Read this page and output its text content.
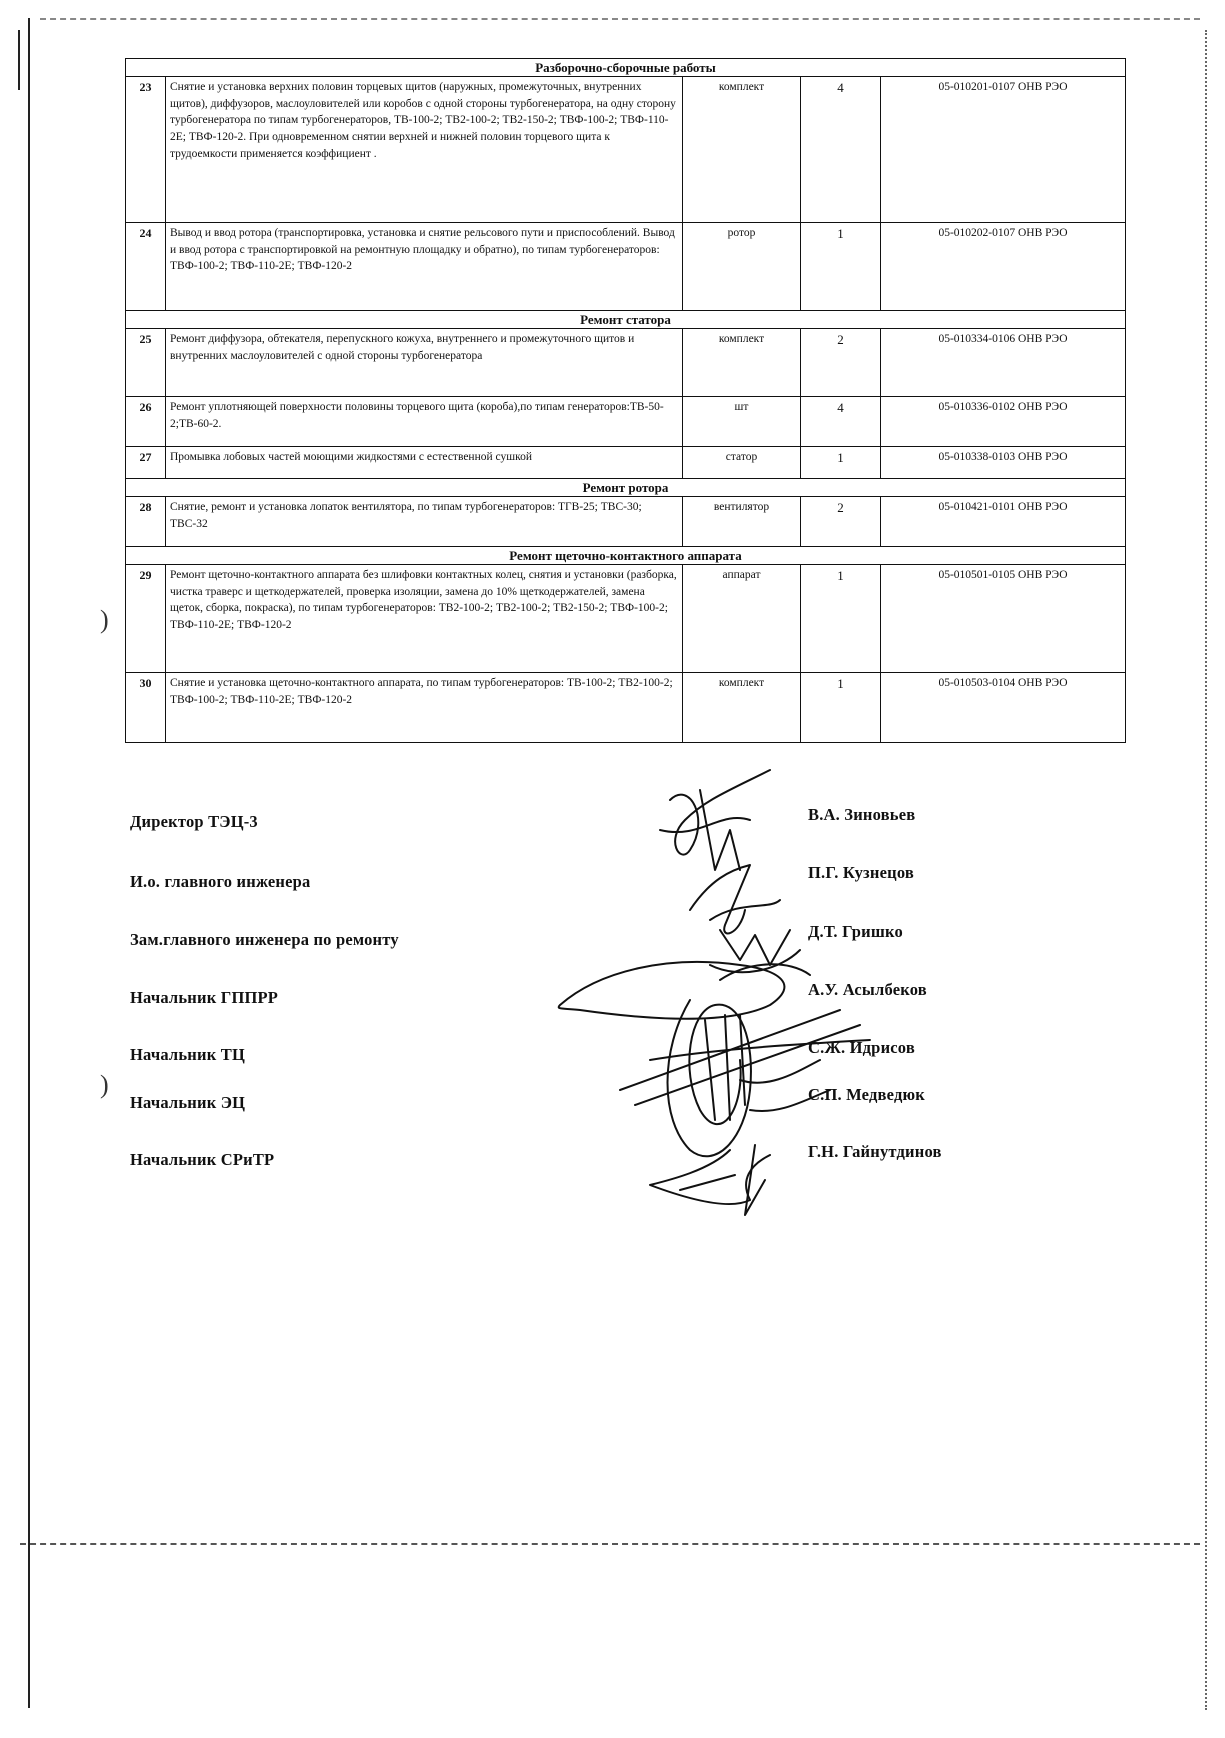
Разборочно-сборочные работы				
23	Снятие и установка верхних половин торцевых щитов (наружных, промежуточных, внутренних щитов), диффузоров, маслоуловителей или коробов с одной стороны турбогенератора, на одну сторону турбогенератора по типам турбогенераторов, ТВ-100-2; ТВ2-100-2; ТВ2-150-2; ТВФ-100-2; ТВФ-110-2Е; ТВФ-120-2. При одновременном снятии верхней и нижней половин торцевого щита к трудоемкости применяется коэффициент .	комплект	4	05-010201-0107 ОНВ РЭО
24	Вывод и ввод ротора (транспортировка, установка и снятие рельсового пути и приспособлений. Вывод и ввод ротора с транспортировкой на ремонтную площадку и обратно), по типам турбогенераторов: ТВФ-100-2; ТВФ-110-2Е; ТВФ-120-2	ротор	1	05-010202-0107 ОНВ РЭО
Ремонт статора				
25	Ремонт диффузора, обтекателя, перепускного кожуха, внутреннего и промежуточного щитов и внутренних маслоуловителей с одной стороны турбогенератора	комплект	2	05-010334-0106 ОНВ РЭО
26	Ремонт уплотняющей поверхности половины торцевого щита (короба),по типам генераторов:ТВ-50-2;ТВ-60-2.	шт	4	05-010336-0102 ОНВ РЭО
27	Промывка лобовых частей моющими жидкостями с естественной сушкой	статор	1	05-010338-0103 ОНВ РЭО
Ремонт ротора				
28	Снятие, ремонт и установка лопаток вентилятора, по типам турбогенераторов: ТГВ-25; ТВС-30; ТВС-32	вентилятор	2	05-010421-0101 ОНВ РЭО
Ремонт щеточно-контактного аппарата				
29	Ремонт щеточно-контактного аппарата без шлифовки контактных колец, снятия и установки (разборка, чистка траверс и щеткодержателей, проверка изоляции, замена до 10% щеткодержателей, замена щеток, сборка, покраска), по типам турбогенераторов: ТВ2-100-2; ТВ2-100-2; ТВ2-150-2; ТВФ-100-2; ТВФ-110-2Е; ТВФ-120-2	аппарат	1	05-010501-0105 ОНВ РЭО
30	Снятие и установка щеточно-контактного аппарата, по типам турбогенераторов: ТВ-100-2; ТВ2-100-2; ТВФ-100-2; ТВФ-110-2Е; ТВФ-120-2	комплект	1	05-010503-0104 ОНВ РЭО
)
)
Директор ТЭЦ-3
И.о. главного инженера
Зам.главного инженера по ремонту
Начальник ГППРР
Начальник ТЦ
Начальник ЭЦ
Начальник СРиТР
В.А. Зиновьев
П.Г. Кузнецов
Д.Т. Гришко
А.У. Асылбеков
С.Ж. Идрисов
С.П. Медведюк
Г.Н. Гайнутдинов
